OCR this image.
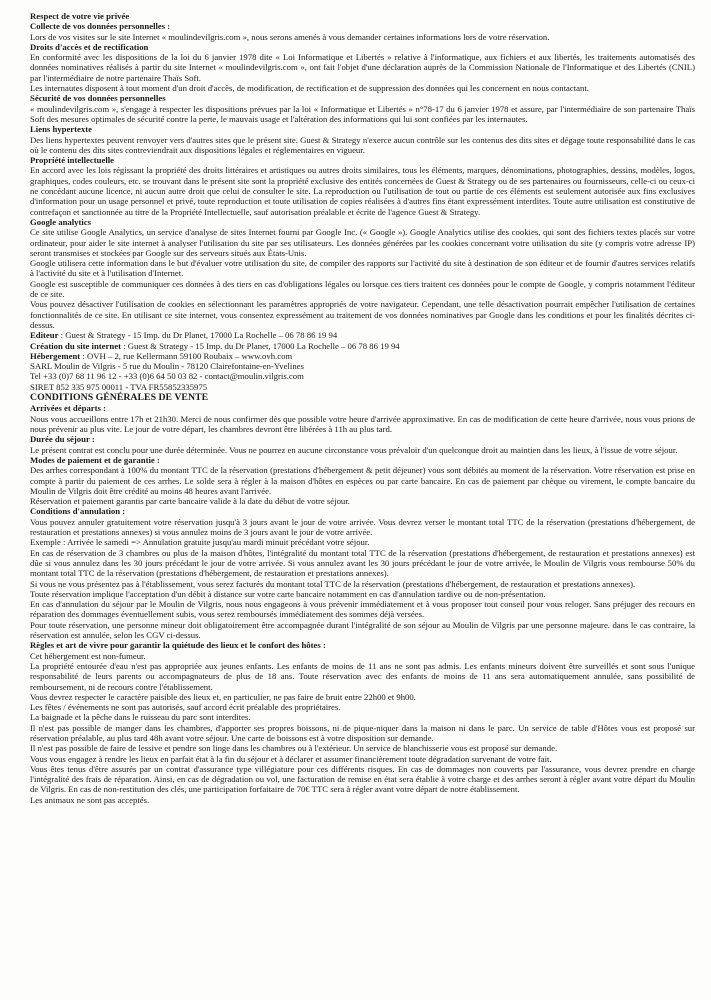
Respect de votre vie privée
Collecte de vos données personnelles :

Lors de vos visites sur le site Internet « moulindevilgris.com », nous serons amenés à vous demander certaines informations lors de votre réservation.

Droits d'accès et de rectification

En conformité avec les dispositions de la loi du 6 janvier 1978 dite « Loi Informatique et Libertés » relative à l'informatique, aux fichiers et aux libertés, les traitements automatisés des données nominatives réalisés à partir du site Internet « moulindevilgris.com », ont fait l'objet d'une déclaration auprès de la Commission Nationale de l'Informatique et des Libertés (CNIL) par l'intermédiaire de notre partenaire Thaïs Soft.

Les internautes disposent à tout moment d'un droit d'accès, de modification, de rectification et de suppression des données qui les concernent en nous contactant.

Sécurité de vos données personnelles

« moulindevilgris.com », s'engage à respecter les dispositions prévues par la loi « Informatique et Libertés » n°78-17 du 6 janvier 1978 et assure, par l'intermédiaire de son partenaire Thaïs Soft des mesures optimales de sécurité contre la perte, le mauvais usage et l'altération des informations qui lui sont confiées par les internautes.

Liens hypertexte

Des liens hypertextes peuvent renvoyer vers d'autres sites que le présent site. Guest & Strategy n'exerce aucun contrôle sur les contenus des dits sites et dégage toute responsabilité dans le cas où le contenu des dits sites contreviendrait aux dispositions légales et réglementaires en vigueur.

Propriété intellectuelle

En accord avec les lois régissant la propriété des droits littéraires et artistiques ou autres droits similaires, tous les éléments, marques, dénominations, photographies, dessins, modèles, logos, graphiques, codes couleurs, etc. se trouvant dans le présent site sont la propriété exclusive des entités concernées de Guest & Strategy ou de ses partenaires ou fournisseurs, celle-ci ou ceux-ci ne concédant aucune licence, ni aucun autre droit que celui de consulter le site. La reproduction ou l'utilisation de tout ou partie de ces éléments est seulement autorisée aux fins exclusives d'information pour un usage personnel et privé, toute reproduction et toute utilisation de copies réalisées à d'autres fins étant expressément interdites. Toute autre utilisation est constitutive de contrefaçon et sanctionnée au titre de la Propriété Intellectuelle, sauf autorisation préalable et écrite de l'agence Guest & Strategy.

Google analytics

Ce site utilise Google Analytics, un service d'analyse de sites Internet fourni par Google Inc. (« Google »). Google Analytics utilise des cookies, qui sont des fichiers textes placés sur votre ordinateur, pour aider le site internet à analyser l'utilisation du site par ses utilisateurs. Les données générées par les cookies concernant votre utilisation du site (y compris votre adresse IP) seront transmises et stockées par Google sur des serveurs situés aux États-Unis.

Google utilisera cette information dans le but d'évaluer votre utilisation du site, de compiler des rapports sur l'activité du site à destination de son éditeur et de fournir d'autres services relatifs à l'activité du site et à l'utilisation d'Internet.

Google est susceptible de communiquer ces données à des tiers en cas d'obligations légales ou lorsque ces tiers traitent ces données pour le compte de Google, y compris notamment l'éditeur de ce site.

Vous pouvez désactiver l'utilisation de cookies en sélectionnant les paramètres appropriés de votre navigateur. Cependant, une telle désactivation pourrait empêcher l'utilisation de certaines fonctionnalités de ce site. En utilisant ce site internet, vous consentez expressément au traitement de vos données nominatives par Google dans les conditions et pour les finalités décrites ci-dessus.

Editeur : Guest & Strategy - 15 Imp. du Dr Planet, 17000 La Rochelle – 06 78 86 19 94

Création du site internet : Guest & Strategy - 15 Imp. du Dr Planet, 17000 La Rochelle – 06 78 86 19 94

Hébergement : OVH – 2, rue Kellermann 59100 Roubaix – www.ovh.com

SARL Moulin de Vilgris - 5 rue du Moulin - 78120 Clairefontaine-en-Yvelines

Tel +33 (0)7 68 11 96 12 - +33 (0)6 64 50 03 82 - contact@moulin.vilgris.com

SIRET 852 335 975 00011 - TVA FR55852335975

CONDITIONS GÉNÉRALES DE VENTE
Arrivées et départs :

Nous vous accueillons entre 17h et 21h30. Merci de nous confirmer dès que possible votre heure d'arrivée approximative. En cas de modification de cette heure d'arrivée, nous vous prions de nous prévenir au plus vite. Le jour de votre départ, les chambres devront être libérées à 11h au plus tard.

Durée du séjour :

Le présent contrat est conclu pour une durée déterminée. Vous ne pourrez en aucune circonstance vous prévaloir d'un quelconque droit au maintien dans les lieux, à l'issue de votre séjour.

Modes de paiement et de garantie :

Des arrhes correspondant à 100% du montant TTC de la réservation (prestations d'hébergement & petit déjeuner) vous sont débités au moment de la réservation. Votre réservation est prise en compte à partir du paiement de ces arrhes. Le solde sera à régler à la maison d'hôtes en espèces ou par carte bancaire. En cas de paiement par chèque ou virement, le compte bancaire du Moulin de Vilgris doit être crédité au moins 48 heures avant l'arrivée.

Réservation et paiement garantis par carte bancaire valide à la date du début de votre séjour.

Conditions d'annulation :

Vous pouvez annuler gratuitement votre réservation jusqu'à 3 jours avant le jour de votre arrivée. Vous devrez verser le montant total TTC de la réservation (prestations d'hébergement, de restauration et prestations annexes) si vous annulez moins de 3 jours avant le jour de votre arrivée.

Exemple : Arrivée le samedi => Annulation gratuite jusqu'au mardi minuit précédant votre séjour.

En cas de réservation de 3 chambres ou plus de la maison d'hôtes, l'intégralité du montant total TTC de la réservation (prestations d'hébergement, de restauration et prestations annexes) est dûe si vous annulez dans les 30 jours précédant le jour de votre arrivée. Si vous annulez avant les 30 jours précédant le jour de votre arrivée, le Moulin de Vilgris vous rembourse 50% du montant total TTC de la réservation (prestations d'hébergement, de restauration et prestations annexes).

Si vous ne vous présentez pas à l'établissement, vous serez facturés du montant total TTC de la réservation (prestations d'hébergement, de restauration et prestations annexes).

Toute réservation implique l'acceptation d'un débit à distance sur votre carte bancaire notamment en cas d'annulation tardive ou de non-présentation.

En cas d'annulation du séjour par le Moulin de Vilgris, nous nous engageons à vous prévenir immédiatement et à vous proposer tout conseil pour vous reloger. Sans préjuger des recours en réparation des dommages éventuellement subis, vous serez remboursés immédiatement des sommes déjà versées.

Pour toute réservation, une personne mineur doit obligatoirement être accompagnée durant l'intégralité de son séjour au Moulin de Vilgris par une personne majeure. dans le cas contraire, la réservation est annulée, selon les CGV ci-dessus.

Règles et art de vivre pour garantir la quiétude des lieux et le confort des hôtes :

Cet hébergement est non-fumeur.

La propriété entourée d'eau n'est pas appropriée aux jeunes enfants. Les enfants de moins de 11 ans ne sont pas admis. Les enfants mineurs doivent être surveillés et sont sous l'unique responsabilité de leurs parents ou accompagnateurs de plus de 18 ans. Toute réservation avec des enfants de moins de 11 ans sera automatiquement annulée, sans possibilité de remboursement, ni de recours contre l'établissement.

Vous devrez respecter le caractère paisible des lieux et, en particulier, ne pas faire de bruit entre 22h00 et 9h00.

Les fêtes / événements ne sont pas autorisés, sauf accord écrit préalable des propriétaires.

La baignade et la pêche dans le ruisseau du parc sont interdites.

Il n'est pas possible de manger dans les chambres, d'apporter ses propres boissons, ni de pique-niquer dans la maison ni dans le parc. Un service de table d'Hôtes vous est proposé sur réservation préalable, au plus tard 48h avant votre séjour. Une carte de boissons est à votre disposition sur demande.

Il n'est pas possible de faire de lessive et pendre son linge dans les chambres ou à l'extérieur. Un service de blanchisserie vous est proposé sur demande.

Vous vous engagez à rendre les lieux en parfait état à la fin du séjour et à déclarer et assumer financièrement toute dégradation survenant de votre fait.

Vous êtes tenus d'être assurés par un contrat d'assurance type villégiature pour ces différents risques. En cas de dommages non couverts par l'assurance, vous devrez prendre en charge l'intégralité des frais de réparation. Ainsi, en cas de dégradation ou vol, une facturation de remise en état sera établie à votre charge et des arrhes seront à régler avant votre départ du Moulin de Vilgris. En cas de non-restitution des clés, une participation forfaitaire de 70€ TTC sera à régler avant votre départ de notre établissement.

Les animaux ne sont pas acceptés.
